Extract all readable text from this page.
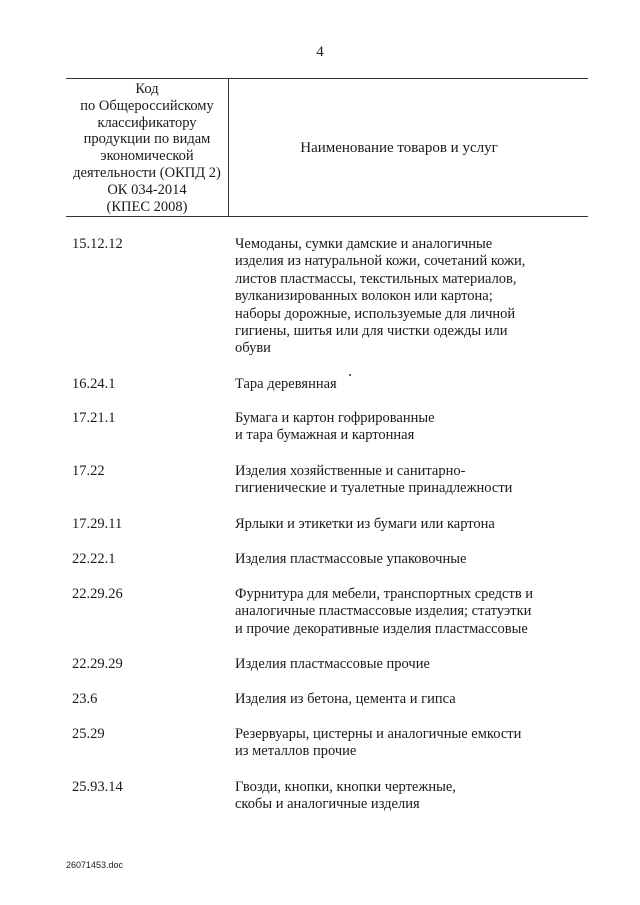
4
Код
по Общероссийскому
классификатору
продукции по видам
экономической
деятельности (ОКПД 2)
ОК 034-2014
(КПЕС 2008)
Наименование товаров и услуг
15.12.12	Чемоданы, сумки дамские и аналогичные
изделия из натуральной кожи, сочетаний кожи,
листов пластмассы, текстильных материалов,
вулканизированных волокон или картона;
наборы дорожные, используемые для личной
гигиены, шитья или для чистки одежды или
обуви
16.24.1	Тара деревянная
17.21.1	Бумага и картон гофрированные
и тара бумажная и картонная
17.22	Изделия хозяйственные и санитарно-
гигиенические и туалетные принадлежности
17.29.11	Ярлыки и этикетки из бумаги или картона
22.22.1	Изделия пластмассовые упаковочные
22.29.26	Фурнитура для мебели, транспортных средств и
аналогичные пластмассовые изделия; статуэтки
и прочие декоративные изделия пластмассовые
22.29.29	Изделия пластмассовые прочие
23.6	Изделия из бетона, цемента и гипса
25.29	Резервуары, цистерны и аналогичные емкости
из металлов прочие
25.93.14	Гвозди, кнопки, кнопки чертежные,
скобы и аналогичные изделия
26071453.doc
